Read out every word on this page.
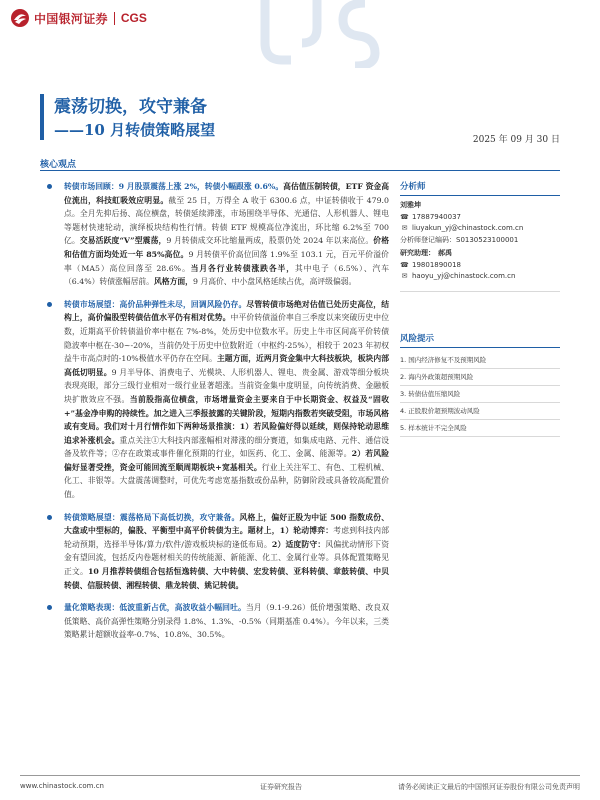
中国银河证券 CGS
震荡切换，攻守兼备
——10 月转债策略展望
2025 年 09 月 30 日
核心观点
转债市场回顾：9 月股票震荡上涨 2%，转债小幅跟涨 0.6%。高估值压制转债，ETF 资金高位流出，科技虹吸效应明显。截至 25 日，万得全 A 收于 6300.6 点，中证转债收于 479.0 点。全月先抑后扬、高位横盘，转债延续滞涨，市场围绕半导体、光通信、人形机器人、锂电等题材快速轮动，演绎板块结构性行情。转债 ETF 规模高位净流出，环比缩 6.2%至 700 亿。交易活跃度“V”型震荡，9 月转债成交环比缩量两成，股票仍处 2024 年以来高位。价格和估值方面均处近一年 85%高位。9 月转债平价高位回落 1.9%至 103.1 元，百元平价溢价率（MA5）高位回落至 28.6%。当月各行业转债涨跌各半，其中电子（6.5%）、汽车（6.4%）转债涨幅居前。风格方面，9 月高价、中小盘风格延续占优，高评级偏弱。
转债市场展望：高价品种弹性未尽，回调风险仍存。尽管转债市场绝对估值已处历史高位，结构上，高价偏股型转债估值水平仍有相对优势。中平价转债溢价率自三季度以来突破历史中位数，近期高平价转债溢价率中枢在 7%-8%，处历史中位数水平。历史上牛市区间高平价转债隐波率中枢在-30~-20%，当前仍处于历史中位数附近（中枢约-25%），相较于 2023 年初权益牛市高点时的-10%极值水平仍存在空间。主题方面，近两月资金集中大科技板块，板块内部高低切明显。9 月半导体、消费电子、光模块、人形机器人、锂电、贵金属、游戏等细分板块表现亮眼，部分三级行业相对一级行业显著超涨。当前资金集中度明显，向传统消费、金融板块扩散效应不强。当前股指高位横盘，市场增量资金主要来自于中长期资金、权益及“固收+”基金净申购的持续性。加之进入三季报披露的关键阶段，短期内指数若突破受阻，市场风格或有变局。我们对十月行情作如下两种场景推演：1）若风险偏好得以延续，则保持轮动思维追求补涨机会。重点关注①大科技内部涨幅相对滞涨的细分赛道，如集成电路、元件、通信设备及软件等；②存在政策或事件催化预期的行业，如医药、化工、金属、能源等。2）若风险偏好显著受挫，资金可能回流至顺周期板块+宽基相关。行业上关注军工、有色、工程机械、化工、非银等。大盘震荡调整时，可优先考虑宽基指数或份品种，防御阶段或具备较高配置价值。
转债策略展望：震荡格局下高低切换，攻守兼备。风格上，偏好正股为中证 500 指数成份、大盘或中型标的，偏股、平衡型中高平价转债为主。题材上，1）轮动博弈：考虑到科技内部轮动预期，选择半导体/算力/软件/游戏板块标的逢低布局。2）适度防守：风偏扰动情形下资金有望回流，包括反内卷题材相关的传统能源、新能源、化工、金属行业等。具体配置策略见正文。10 月推荐转债组合包括恒逸转债、大中转债、宏发转债、亚科转债、章鼓转债、中贝转债、信服转债、湘程转债、鼎龙转债、姚记转债。
量化策略表现：低波重新占优，高波收益小幅回吐。当月（9.1-9.26）低价增强策略、改良双低策略、高价高弹性策略分别录得 1.8%、1.3%、-0.5%（同期基准 0.4%）。今年以来，三类策略累计超额收益率-0.7%、10.8%、30.5%。
分析师
刘雅坤
☎ 17887940037
✉ liuyakun_yj@chinastock.com.cn
分析师登记编码：S0130523100001
研究助理： 郝禹
☎ 19801890018
✉ haoyu_yj@chinastock.com.cn
风险提示
1. 国内经济修复不及预期风险
2. 海内外政策超预期风险
3. 转债估值压缩风险
4. 正股股价超预期波动风险
5. 样本统计不完全风险
www.chinastock.com.cn	证券研究报告	请务必阅读正文最后的中国银河证券股份有限公司免责声明
